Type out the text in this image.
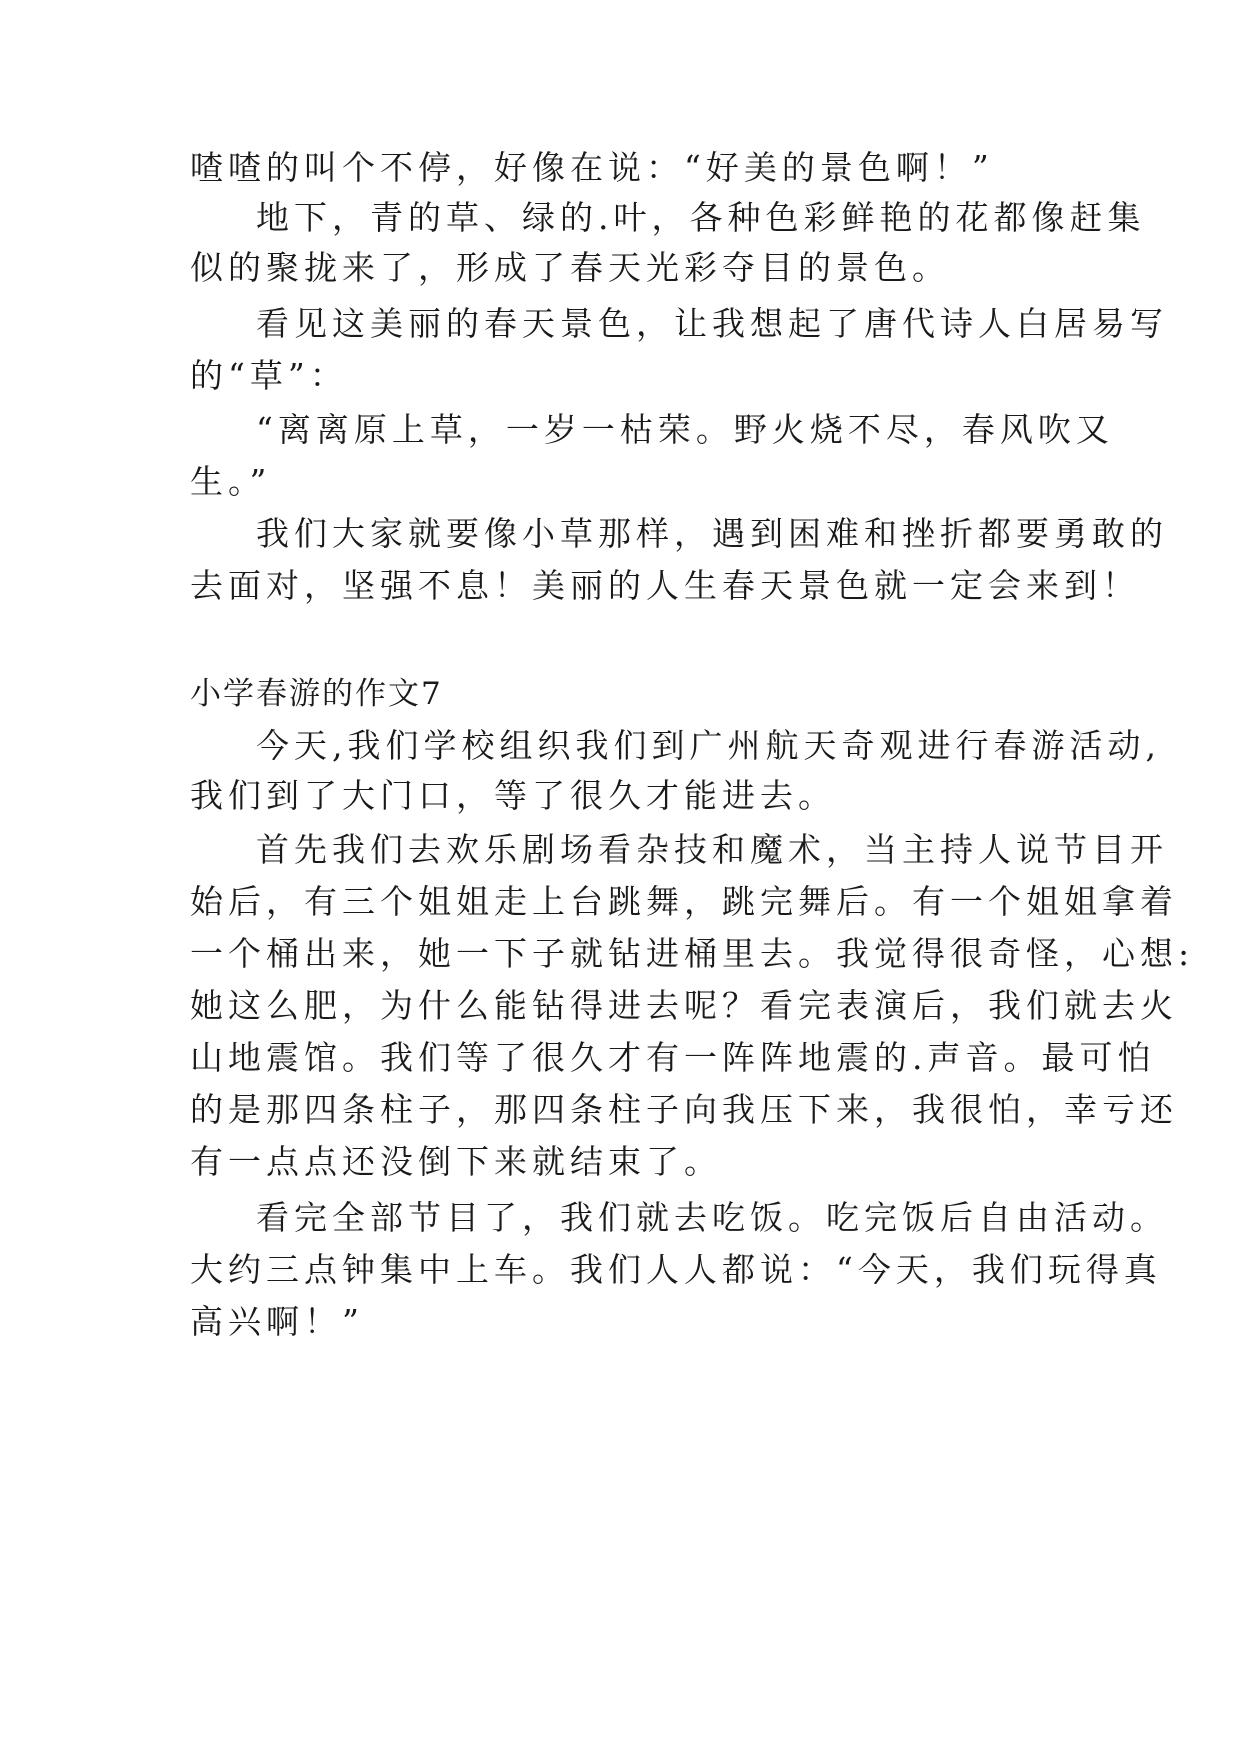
喳喳的叫个不停，好像在说：“好美的景色啊！”

地下，青的草、绿的.叶，各种色彩鲜艳的花都像赶集

似的聚拢来了，形成了春天光彩夺目的景色。

看见这美丽的春天景色，让我想起了唐代诗人白居易写

的“草”：

“离离原上草，一岁一枯荣。野火烧不尽，春风吹又

生。”

我们大家就要像小草那样，遇到困难和挫折都要勇敢的

去面对，坚强不息！美丽的人生春天景色就一定会来到！

小学春游的作文7

今天,我们学校组织我们到广州航天奇观进行春游活动,

我们到了大门口，等了很久才能进去。

首先我们去欢乐剧场看杂技和魔术，当主持人说节目开

始后，有三个姐姐走上台跳舞，跳完舞后。有一个姐姐拿着

一个桶出来，她一下子就钻进桶里去。我觉得很奇怪，心想:

她这么肥，为什么能钻得进去呢？看完表演后，我们就去火

山地震馆。我们等了很久才有一阵阵地震的.声音。最可怕

的是那四条柱子，那四条柱子向我压下来，我很怕，幸亏还

有一点点还没倒下来就结束了。

看完全部节目了，我们就去吃饭。吃完饭后自由活动。

大约三点钟集中上车。我们人人都说：“今天，我们玩得真

高兴啊！”
